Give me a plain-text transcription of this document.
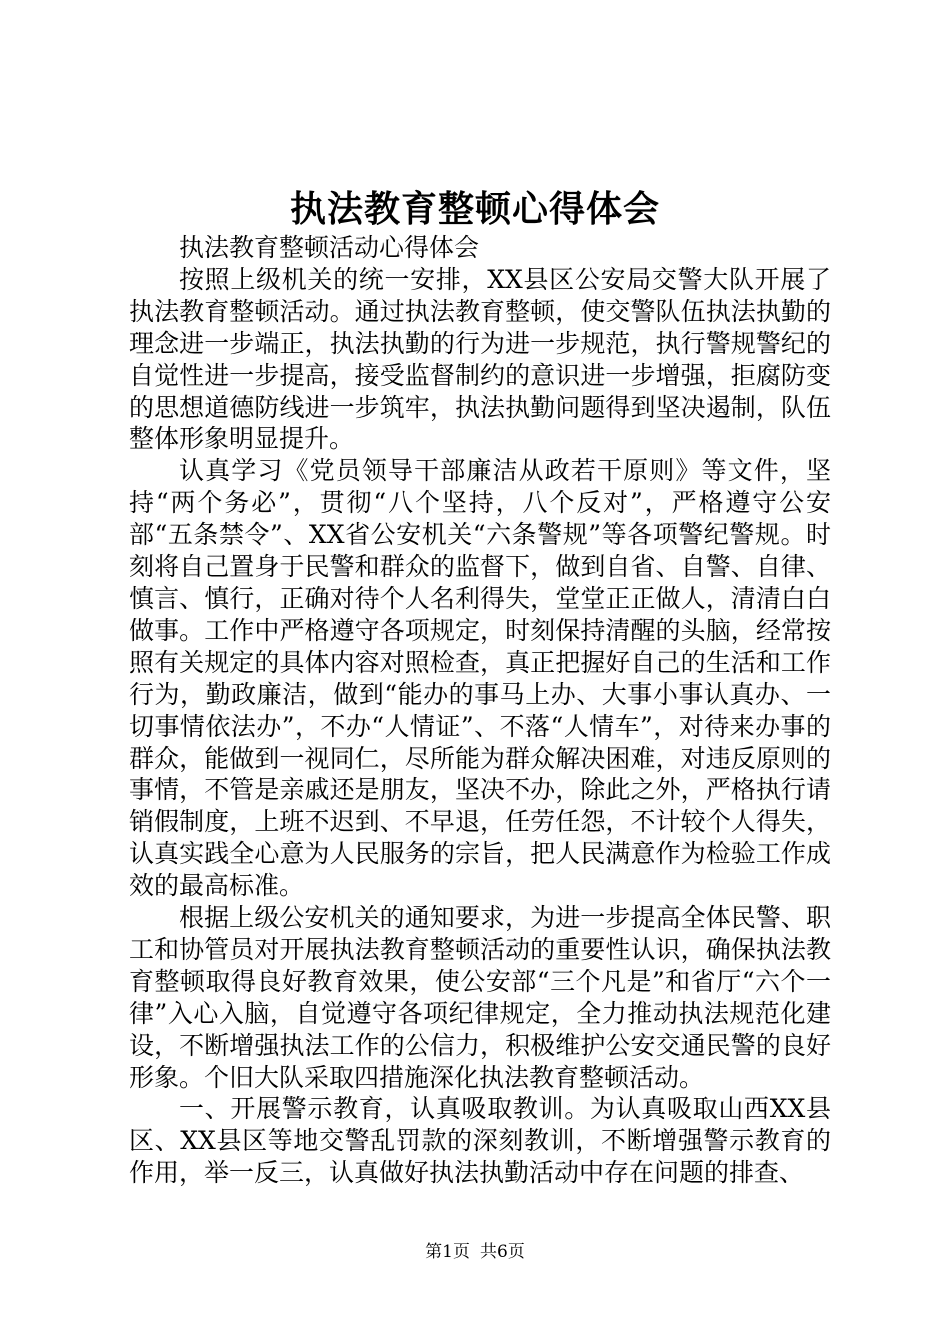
执法教育整顿心得体会

执法教育整顿活动心得体会

按照上级机关的统一安排，XX县区公安局交警大队开展了执法教育整顿活动。通过执法教育整顿，使交警队伍执法执勤的理念进一步端正，执法执勤的行为进一步规范，执行警规警纪的自觉性进一步提高，接受监督制约的意识进一步增强，拒腐防变的思想道德防线进一步筑牢，执法执勤问题得到坚决遏制，队伍整体形象明显提升。

认真学习《党员领导干部廉洁从政若干原则》等文件，坚持“两个务必”，贯彻“八个坚持，八个反对”，严格遵守公安部“五条禁令”、XX省公安机关“六条警规”等各项警纪警规。时刻将自己置身于民警和群众的监督下，做到自省、自警、自律、慎言、慎行，正确对待个人名利得失，堂堂正正做人，清清白白做事。工作中严格遵守各项规定，时刻保持清醒的头脑，经常按照有关规定的具体内容对照检查，真正把握好自己的生活和工作行为，勤政廉洁，做到“能办的事马上办、大事小事认真办、一切事情依法办”，不办“人情证”、不落“人情车”，对待来办事的群众，能做到一视同仁，尽所能为群众解决困难，对违反原则的事情，不管是亲戚还是朋友，坚决不办，除此之外，严格执行请销假制度，上班不迟到、不早退，任劳任怨，不计较个人得失，认真实践全心意为人民服务的宗旨，把人民满意作为检验工作成效的最高标准。

根据上级公安机关的通知要求，为进一步提高全体民警、职工和协管员对开展执法教育整顿活动的重要性认识，确保执法教育整顿取得良好教育效果，使公安部“三个凡是”和省厅“六个一律”入心入脑，自觉遵守各项纪律规定，全力推动执法规范化建设，不断增强执法工作的公信力，积极维护公安交通民警的良好形象。个旧大队采取四措施深化执法教育整顿活动。

一、开展警示教育，认真吸取教训。为认真吸取山西XX县区、XX县区等地交警乱罚款的深刻教训，不断增强警示教育的作用，举一反三，认真做好执法执勤活动中存在问题的排查、

第1页 共6页
